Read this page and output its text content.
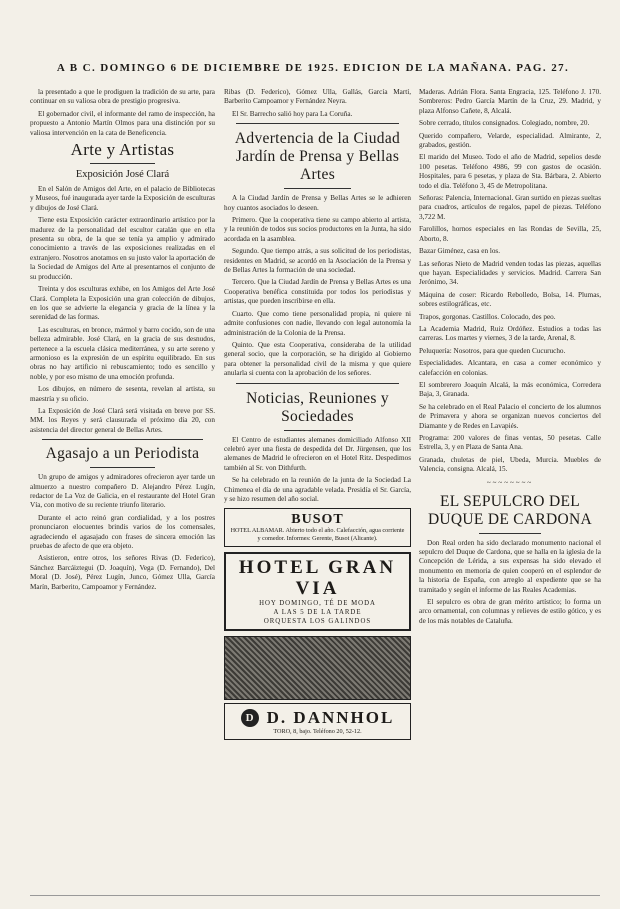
A B C. DOMINGO 6 DE DICIEMBRE DE 1925. EDICION DE LA MAÑANA. PAG. 27.

la presentado a que le prodiguen la tradición de su arte, para continuar en su valiosa obra de prestigio progresiva.

El gobernador civil, el informante del ramo de inspección, ha propuesto a Antonio Martín Olmos para una distinción por su valiosa intervención en la cata de Beneficencia.

Arte y Artistas
Exposición José Clará

En el Salón de Amigos del Arte, en el palacio de Bibliotecas y Museos, fué inaugurada ayer tarde la Exposición de esculturas y dibujos de José Clará.

Tiene esta Exposición carácter extraordinario artístico por la madurez de la personalidad del escultor catalán que en ella presenta su obra, de la que se tenía ya amplio y admirado conocimiento a través de las exposiciones realizadas en el extranjero. Nosotros anotamos en su justo valor la aportación de la Sociedad de Amigos del Arte al presentarnos el conjunto de su producción.

Treinta y dos esculturas exhibe, en los Amigos del Arte José Clará. Completa la Exposición una gran colección de dibujos, en los que se advierte la elegancia y gracia de la línea y la serenidad de las formas.

Las esculturas, en bronce, mármol y barro cocido, son de una belleza admirable. José Clará, en la gracia de sus desnudos, pertenece a la escuela clásica mediterránea, y su arte sereno y armonioso es la expresión de un espíritu equilibrado. En sus obras no hay artificio ni rebuscamiento; todo es sencillo y noble, y por eso mismo de una emoción profunda.

Los dibujos, en número de sesenta, revelan al artista, su maestría y su oficio.

La Exposición de José Clará será visitada en breve por SS. MM. los Reyes y será clausurada el próximo día 20, con asistencia del director general de Bellas Artes.

Agasajo a un Periodista

Un grupo de amigos y admiradores ofrecieron ayer tarde un almuerzo a nuestro compañero D. Alejandro Pérez Lugín, redactor de La Voz de Galicia, en el restaurante del Hotel Gran Vía, con motivo de su reciente triunfo literario.

Durante el acto reinó gran cordialidad, y a los postres pronunciaron elocuentes brindis varios de los comensales, agradeciendo el agasajado con frases de sincera emoción las pruebas de afecto de que era objeto.

Asistieron, entre otros, los señores Rivas (D. Federico), Sánchez Barcáiztegui (D. Joaquín), Vega (D. Fernando), Del Moral (D. José), Pérez Lugín, Junco, Gómez Ulla, García Marín, Barberito, Campoamor y Fernández.

Ribas (D. Federico), Gómez Ulla, Gallás, García Martí, Barberito Campoamor y Fernández Neyra.

El Sr. Barrecho salió hoy para La Coruña.

Advertencia de la Ciudad Jardín de Prensa y Bellas Artes

A la Ciudad Jardín de Prensa y Bellas Artes se le adhieren hoy cuantos asociados lo deseen.

Primero. Que la cooperativa tiene su campo abierto al artista, y la reunión de todos sus socios productores en la Junta, ha sido acordada en la asamblea.

Segundo. Que tiempo atrás, a sus solicitud de los periodistas, residentes en Madrid, se acordó en la Asociación de la Prensa y de Bellas Artes la formación de una sociedad.

Tercero. Que la Ciudad Jardín de Prensa y Bellas Artes es una Cooperativa benéfica constituida por todos los periodistas y artistas, que pueden inscribirse en ella.

Cuarto. Que como tiene personalidad propia, ni quiere ni admite confusiones con nadie, llevando con legal autonomía la administración de la Colonia de la Prensa.

Quinto. Que esta Cooperativa, consideraba de la utilidad general socio, que la corporación, se ha dirigido al Gobierno para obtener la personalidad civil de la misma y que quiere anularla si cuenta con la aprobación de los señores.

Noticias, Reuniones y Sociedades

El Centro de estudiantes alemanes domiciliado Alfonso XII celebró ayer una fiesta de despedida del Dr. Jürgensen, que los alemanes de Madrid le ofrecieron en el Hotel Ritz. Despedimos también al Sr. von Dithfurth.

Se ha celebrado en la reunión de la junta de la Sociedad La Chimenea el día de una agradable velada. Presidía el Sr. García, y se hizo resumen del año social.

BUSOT
HOTEL ALBAMAR. Abierto todo el año. Calefacción, agua corriente y comedor. Informes: Gerente, Busot (Alicante).
HOTEL GRAN VIA
HOY DOMINGO, TÉ DE MODA
A LAS 5 DE LA TARDE
ORQUESTA LOS GALINDOS
D D. DANNHOL
TORO, 8, bajo. Teléfono 20, 52-12.

Maderas. Adrián Flora. Santa Engracia, 125. Teléfono J. 170. Sombreros: Pedro García Martín de la Cruz, 29. Madrid, y plaza Alfonso Cañete, 8, Alcalá.

Sobre cerrado, títulos consignados. Colegiado, nombre, 20.

Querido compañero, Velarde, especialidad. Almirante, 2, grabados, gestión.

El marido del Museo. Todo el año de Madrid, sepelios desde 100 pesetas. Teléfono 4986, 99 con gastos de ocasión. Hospitales, para 6 pesetas, y plaza de Sta. Bárbara, 2. Abierto todo el día. Teléfono 3, 45 de Metropolitana.

Señoras: Palencia, Internacional. Gran surtido en piezas sueltas para cuadros, artículos de regalos, papel de piezas. Teléfono 3,722 M.

Farolillos, hornos especiales en las Rondas de Sevilla, 25, Aborto, 8.

Bazar Giménez, casa en los.

Las señoras Nieto de Madrid venden todas las piezas, aquellas que hayan. Especialidades y servicios. Madrid. Carrera San Jerónimo, 34.

Máquina de coser: Ricardo Rebolledo, Bolsa, 14. Plumas, sobres estilográficas, etc.

Trapos, gorgonas. Castillos. Colocado, des peo.

La Academia Madrid, Ruiz Ordóñez. Estudios a todas las carreras. Los martes y viernes, 3 de la tarde, Arenal, 8.

Peluquería: Nosotros, para que queden Cucurucho.

Especialidades. Alcantara, en casa a comer económico y calefacción en colonias.

El sombrerero Joaquín Alcalá, la más económica, Corredera Baja, 3, Granada.

Se ha celebrado en el Real Palacio el concierto de los alumnos de Primavera y ahora se organizan nuevos conciertos del Diamante y de Redes en Lavapiés.

Programa: 200 valores de finas ventas, 50 pesetas. Calle Estrella, 3, y en Plaza de Santa Ana.

Granada, chuletas de piel, Ubeda, Murcia. Muebles de Valencia, consigna. Alcalá, 15.

~~~~~~~~
EL SEPULCRO DEL DUQUE DE CARDONA

Don Real orden ha sido declarado monumento nacional el sepulcro del Duque de Cardona, que se halla en la iglesia de la Concepción de Lérida, a sus expensas ha sido elevado el monumento en memoria de quien cooperó en el esplendor de la historia de España, con arreglo al expediente que se ha tramitado y según el informe de las Reales Academias.

El sepulcro es obra de gran mérito artístico; lo forma un arco ornamental, con columnas y relieves de estilo gótico, y es de los más notables de Cataluña.
